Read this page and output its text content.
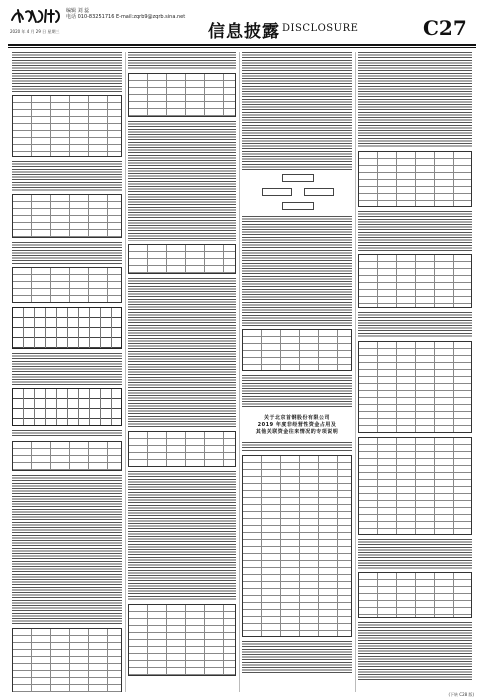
编辑 刘 蕊
电话 010-83251716 E-mail:zqrb9@zqrb.sina.net
2020 年 4 月 29 日 星期三	信息披露 DISCLOSURE	C27
关于北京首钢股份有限公司
2019 年度非经营性资金占用及
其他关联资金往来情况的专项说明
(下转 C28 版)
